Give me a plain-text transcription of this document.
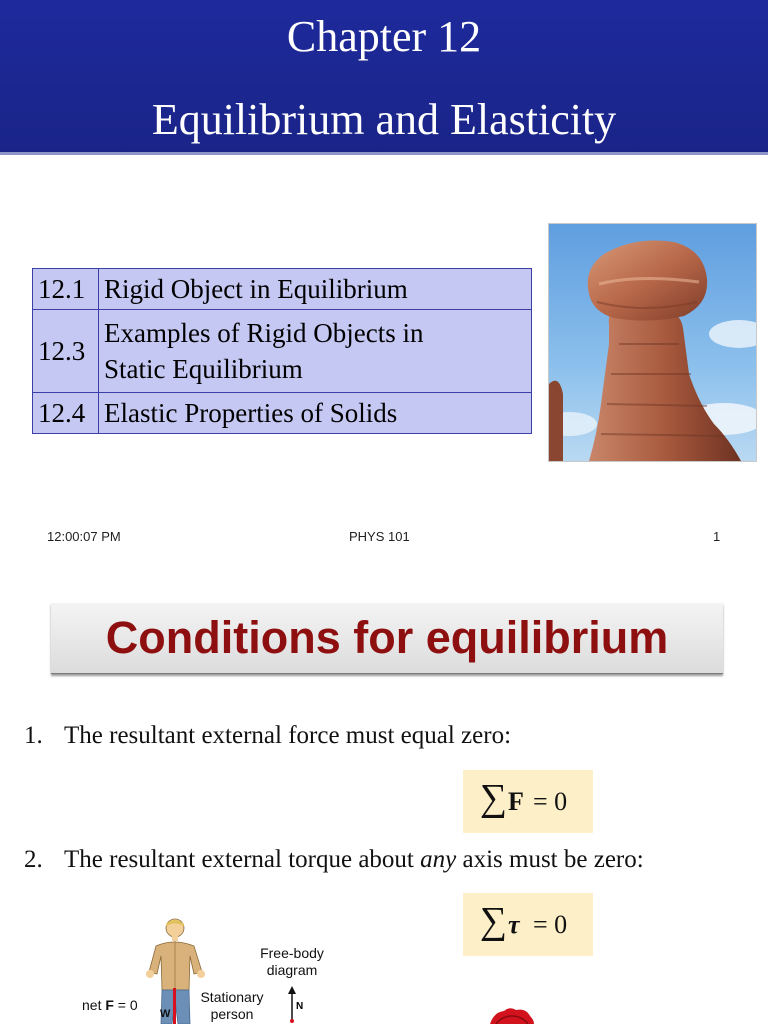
Chapter 12
Equilibrium and Elasticity
12.1	Rigid Object in Equilibrium
12.3	Examples of Rigid Objects in
Static Equilibrium
12.4	Elastic Properties of Solids
12:00:07 PM	PHYS 101	1
Conditions for equilibrium
1. The resultant external force must equal zero:
∑ F = 0
2. The resultant external torque about any axis must be zero:
∑ τ = 0
net F = 0
W
Free-body diagram
Stationary person	N
